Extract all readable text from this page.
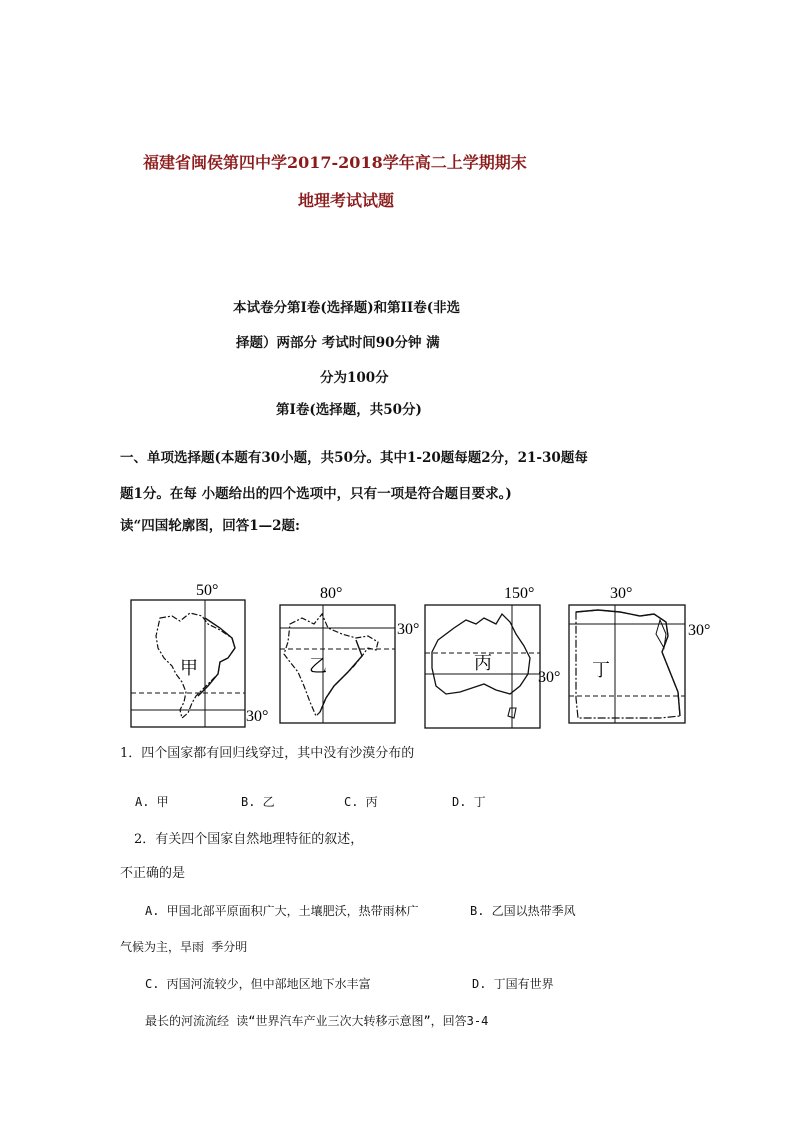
福建省闽侯第四中学2017-2018学年高二上学期期末
地理考试试题
本试卷分第I卷(选择题)和第II卷(非选
择题）两部分 考试时间90分钟 满
分为100分
第I卷(选择题，共50分)
一、单项选择题(本题有30小题，共50分。其中1-20题每题2分，21-30题每
题1分。在每 小题给出的四个选项中，只有一项是符合题目要求。)
读“四国轮廓图，回答1—2题:
甲
50°
30°
乙
80°
30°
丙
150°
30° 丁
30°
30°
1．四个国家都有回归线穿过，其中没有沙漠分布的
A. 甲	B. 乙	C. 丙	D. 丁
2．有关四个国家自然地理特征的叙述，
不正确的是
A. 甲国北部平原面积广大，土壤肥沃，热带雨林广	B. 乙国以热带季风
气候为主，旱雨 季分明
C. 丙国河流较少，但中部地区地下水丰富	D. 丁国有世界
最长的河流流经 读“世界汽车产业三次大转移示意图”，回答3-4
